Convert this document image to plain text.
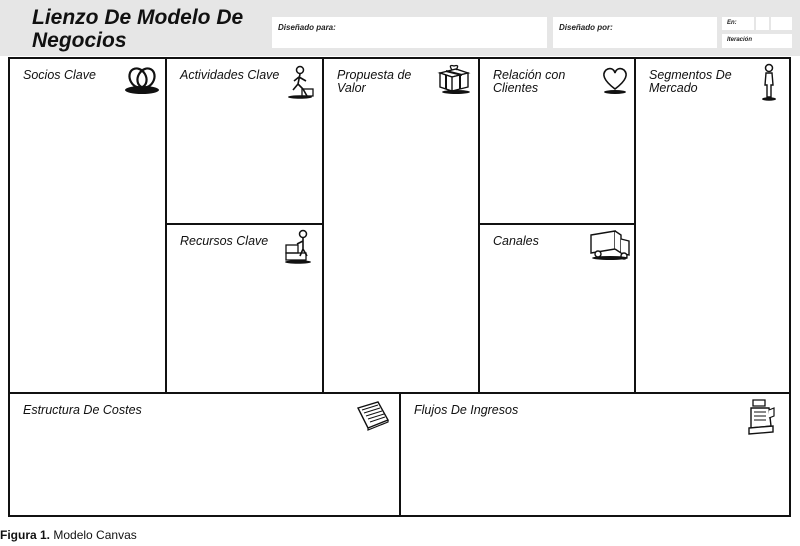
Lienzo De Modelo De
Negocios
Diseñado para:	Diseñado por:	En:
Iteración
Socios Clave	Actividades Clave
Recursos Clave
Propuesta de
Valor
Relación con
Clientes
Canales
Segmentos De
Mercado
Estructura De Costes	Flujos De Ingresos
Figura 1. Modelo Canvas
